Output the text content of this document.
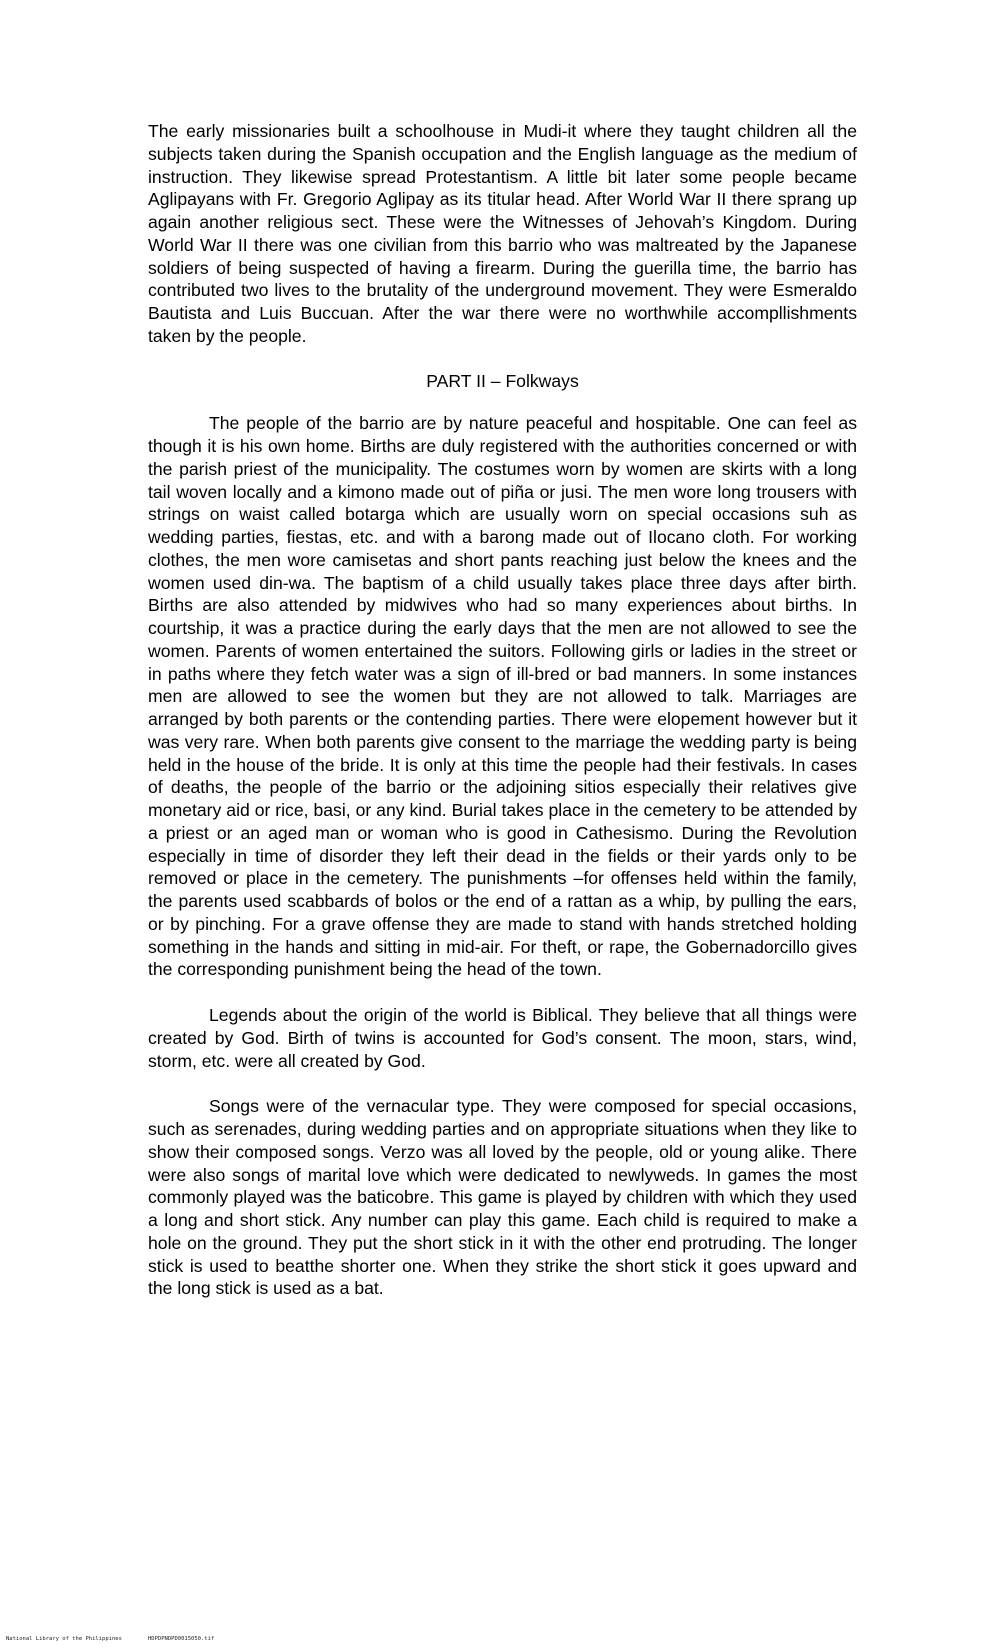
The early missionaries built a schoolhouse in Mudi-it where they taught children all the subjects taken during the Spanish occupation and the English language as the medium of instruction. They likewise spread Protestantism. A little bit later some people became Aglipayans with Fr. Gregorio Aglipay as its titular head. After World War II there sprang up again another religious sect. These were the Witnesses of Jehovah’s Kingdom. During World War II there was one civilian from this barrio who was maltreated by the Japanese soldiers of being suspected of having a firearm. During the guerilla time, the barrio has contributed two lives to the brutality of the underground movement. They were Esmeraldo Bautista and Luis Buccuan. After the war there were no worthwhile accompllishments taken by the people.

PART II – Folkways

The people of the barrio are by nature peaceful and hospitable. One can feel as though it is his own home. Births are duly registered with the authorities concerned or with the parish priest of the municipality. The costumes worn by women are skirts with a long tail woven locally and a kimono made out of piña or jusi. The men wore long trousers with strings on waist called botarga which are usually worn on special occasions suh as wedding parties, fiestas, etc. and with a barong made out of Ilocano cloth. For working clothes, the men wore camisetas and short pants reaching just below the knees and the women used din-wa. The baptism of a child usually takes place three days after birth. Births are also attended by midwives who had so many experiences about births. In courtship, it was a practice during the early days that the men are not allowed to see the women. Parents of women entertained the suitors. Following girls or ladies in the street or in paths where they fetch water was a sign of ill-bred or bad manners. In some instances men are allowed to see the women but they are not allowed to talk. Marriages are arranged by both parents or the contending parties. There were elopement however but it was very rare. When both parents give consent to the marriage the wedding party is being held in the house of the bride. It is only at this time the people had their festivals. In cases of deaths, the people of the barrio or the adjoining sitios especially their relatives give monetary aid or rice, basi, or any kind. Burial takes place in the cemetery to be attended by a priest or an aged man or woman who is good in Cathesismo. During the Revolution especially in time of disorder they left their dead in the fields or their yards only to be removed or place in the cemetery. The punishments –for offenses held within the family, the parents used scabbards of bolos or the end of a rattan as a whip, by pulling the ears, or by pinching. For a grave offense they are made to stand with hands stretched holding something in the hands and sitting in mid-air. For theft, or rape, the Gobernadorcillo gives the corresponding punishment being the head of the town.

Legends about the origin of the world is Biblical. They believe that all things were created by God. Birth of twins is accounted for God’s consent. The moon, stars, wind, storm, etc. were all created by God.

Songs were of the vernacular type. They were composed for special occasions, such as serenades, during wedding parties and on appropriate situations when they like to show their composed songs. Verzo was all loved by the people, old or young alike. There were also songs of marital love which were dedicated to newlyweds. In games the most commonly played was the baticobre. This game is played by children with which they used a long and short stick. Any number can play this game. Each child is required to make a hole on the ground. They put the short stick in it with the other end protruding. The longer stick is used to beatthe shorter one. When they strike the short stick it goes upward and the long stick is used as a bat.

National Library of the Philippines	HDPDPNDPD0015050.tif
